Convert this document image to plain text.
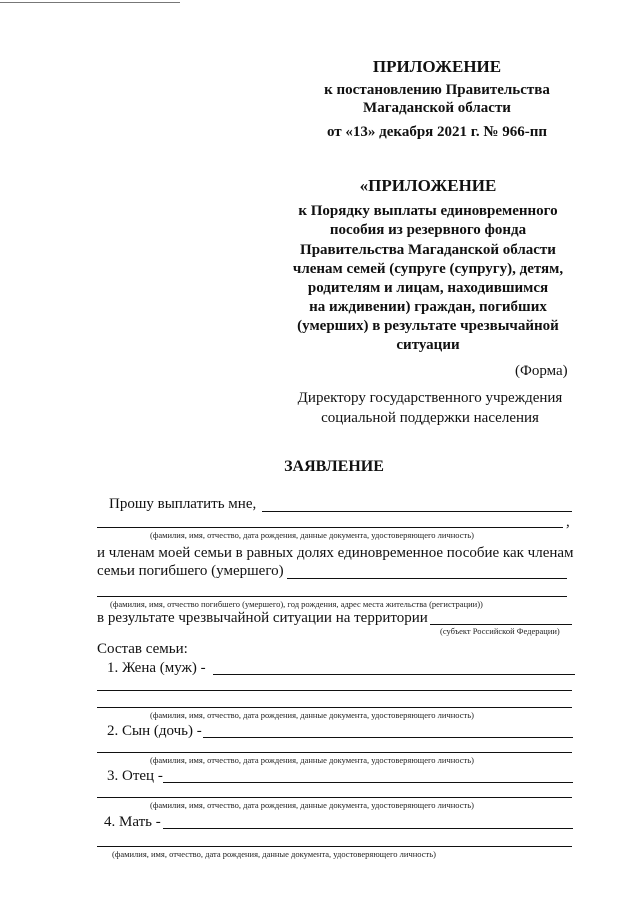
ПРИЛОЖЕНИЕ
к постановлению Правительства
Магаданской области
от «13» декабря 2021 г. № 966-пп
«ПРИЛОЖЕНИЕ
к Порядку выплаты единовременного
пособия из резервного фонда
Правительства Магаданской области
членам семей (супруге (супругу), детям,
родителям и лицам, находившимся
на иждивении) граждан, погибших
(умерших) в результате чрезвычайной
ситуации
(Форма)
Директору государственного учреждения
социальной поддержки населения
ЗАЯВЛЕНИЕ
Прошу выплатить мне,
,
(фамилия, имя, отчество, дата рождения, данные документа, удостоверяющего личность)
и членам моей семьи в равных долях единовременное пособие как членам
семьи погибшего (умершего)
(фамилия, имя, отчество погибшего (умершего), год рождения, адрес места жительства (регистрации))
в результате чрезвычайной ситуации на территории
(субъект Российской Федерации)
Состав семьи:
1. Жена (муж) -
(фамилия, имя, отчество, дата рождения, данные документа, удостоверяющего личность)
2. Сын (дочь) -
(фамилия, имя, отчество, дата рождения, данные документа, удостоверяющего личность)
3. Отец -
(фамилия, имя, отчество, дата рождения, данные документа, удостоверяющего личность)
4. Мать -
(фамилия, имя, отчество, дата рождения, данные документа, удостоверяющего личность)
